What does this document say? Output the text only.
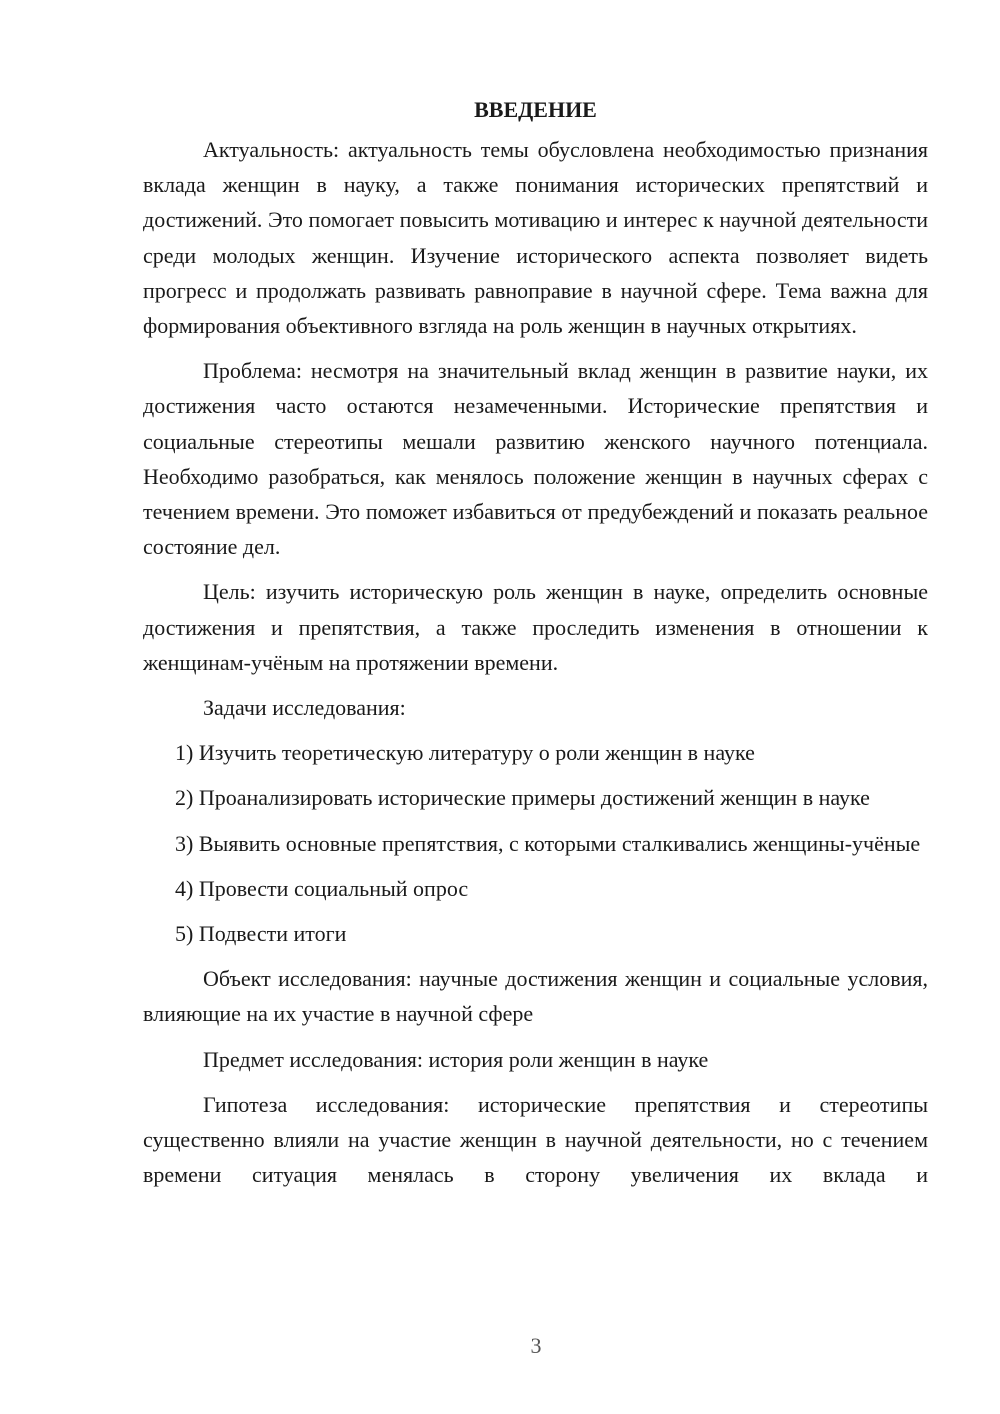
ВВЕДЕНИЕ

Актуальность: актуальность темы обусловлена необходимостью признания вклада женщин в науку, а также понимания исторических препятствий и достижений. Это помогает повысить мотивацию и интерес к научной деятельности среди молодых женщин. Изучение исторического аспекта позволяет видеть прогресс и продолжать развивать равноправие в научной сфере. Тема важна для формирования объективного взгляда на роль женщин в научных открытиях.

Проблема: несмотря на значительный вклад женщин в развитие науки, их достижения часто остаются незамеченными. Исторические препятствия и социальные стереотипы мешали развитию женского научного потенциала. Необходимо разобраться, как менялось положение женщин в научных сферах с течением времени. Это поможет избавиться от предубеждений и показать реальное состояние дел.

Цель: изучить историческую роль женщин в науке, определить основные достижения и препятствия, а также проследить изменения в отношении к женщинам-учёным на протяжении времени.

Задачи исследования:

1) Изучить теоретическую литературу о роли женщин в науке

2) Проанализировать исторические примеры достижений женщин в науке

3) Выявить основные препятствия, с которыми сталкивались женщины-учёные

4) Провести социальный опрос

5) Подвести итоги

Объект исследования: научные достижения женщин и социальные условия, влияющие на их участие в научной сфере

Предмет исследования: история роли женщин в науке

Гипотеза исследования: исторические препятствия и стереотипы существенно влияли на участие женщин в научной деятельности, но с течением времени ситуация менялась в сторону увеличения их вклада и

3
